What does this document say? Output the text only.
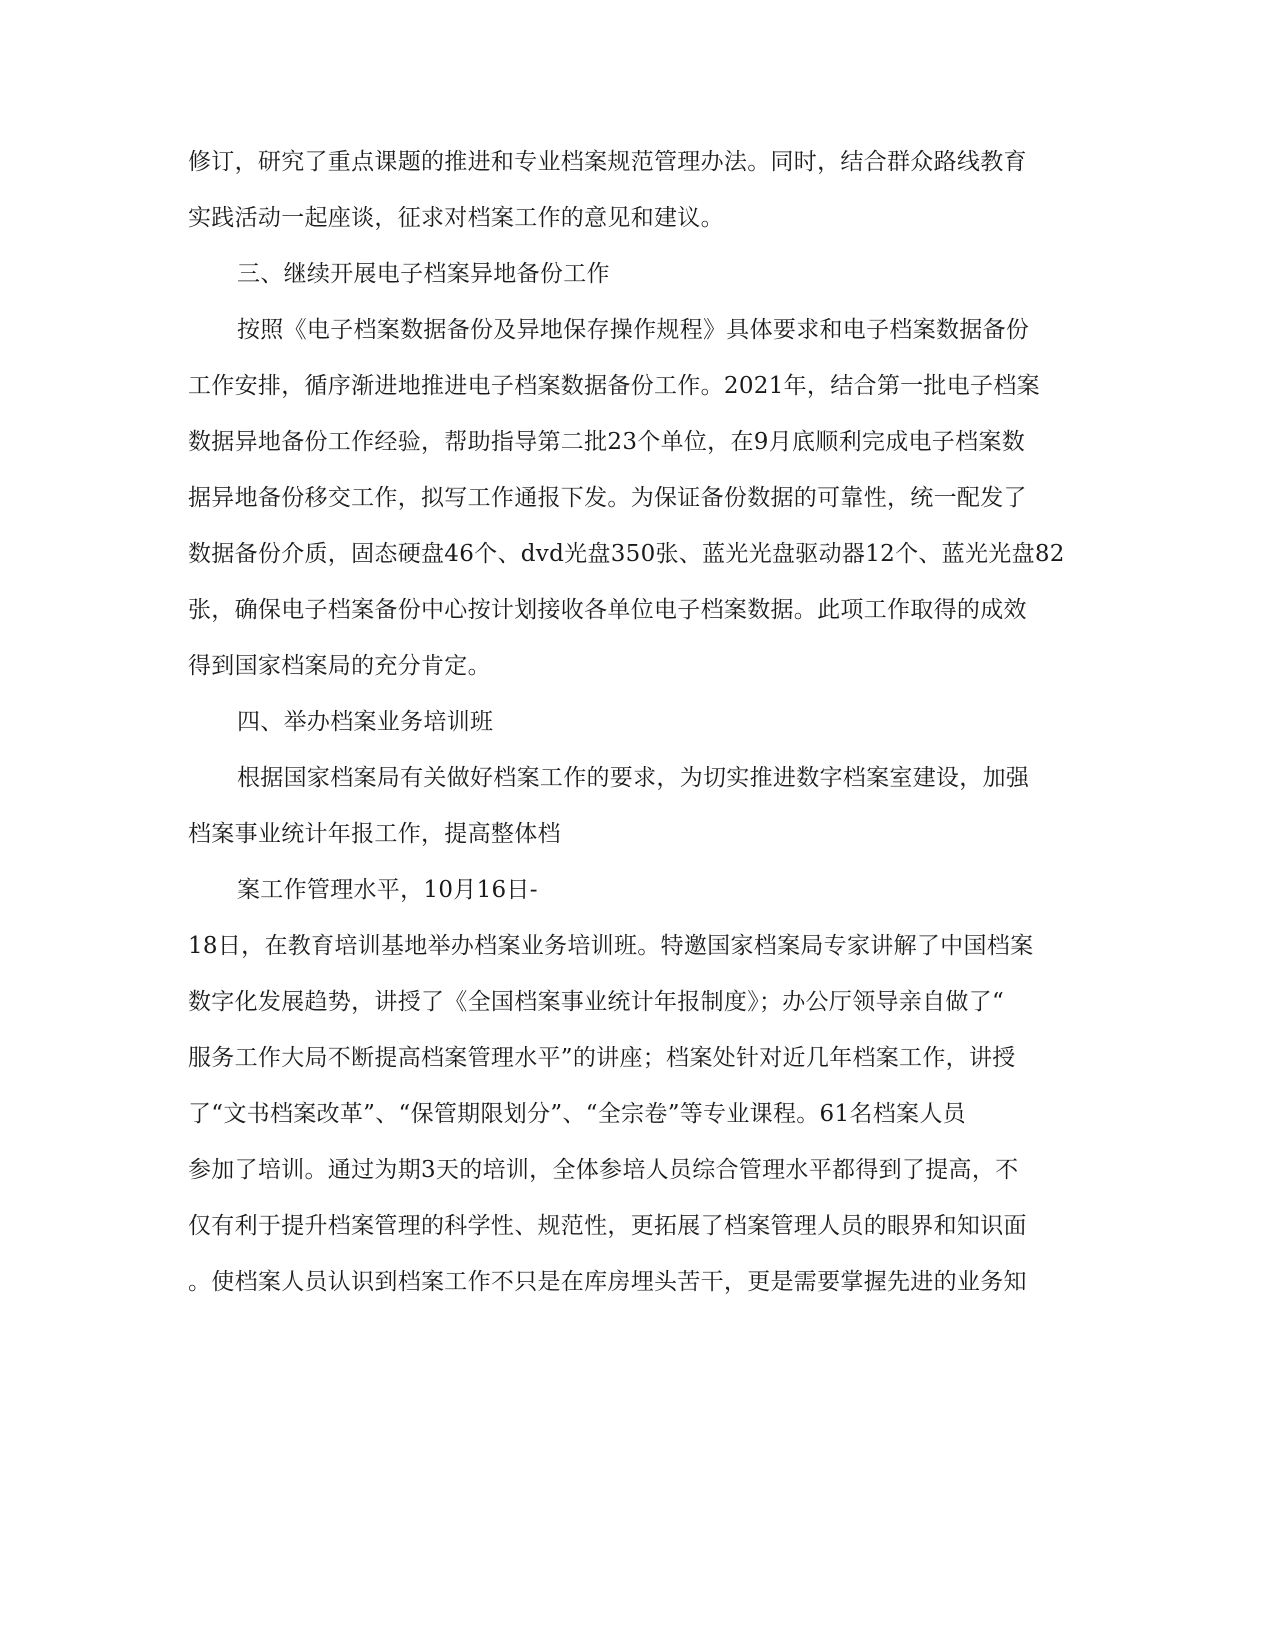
修订，研究了重点课题的推进和专业档案规范管理办法。同时，结合群众路线教育
实践活动一起座谈，征求对档案工作的意见和建议。
三、继续开展电子档案异地备份工作
按照《电子档案数据备份及异地保存操作规程》具体要求和电子档案数据备份
工作安排，循序渐进地推进电子档案数据备份工作。2021年，结合第一批电子档案
数据异地备份工作经验，帮助指导第二批23个单位，在9月底顺利完成电子档案数
据异地备份移交工作，拟写工作通报下发。为保证备份数据的可靠性，统一配发了
数据备份介质，固态硬盘46个、dvd光盘350张、蓝光光盘驱动器12个、蓝光光盘82
张，确保电子档案备份中心按计划接收各单位电子档案数据。此项工作取得的成效
得到国家档案局的充分肯定。
四、举办档案业务培训班
根据国家档案局有关做好档案工作的要求，为切实推进数字档案室建设，加强
档案事业统计年报工作，提高整体档
案工作管理水平，10月16日-
18日，在教育培训基地举办档案业务培训班。特邀国家档案局专家讲解了中国档案
数字化发展趋势，讲授了《全国档案事业统计年报制度》；办公厅领导亲自做了“
服务工作大局不断提高档案管理水平”的讲座；档案处针对近几年档案工作，讲授
了“文书档案改革”、“保管期限划分”、“全宗卷”等专业课程。61名档案人员
参加了培训。通过为期3天的培训，全体参培人员综合管理水平都得到了提高，不
仅有利于提升档案管理的科学性、规范性，更拓展了档案管理人员的眼界和知识面
。使档案人员认识到档案工作不只是在库房埋头苦干，更是需要掌握先进的业务知
